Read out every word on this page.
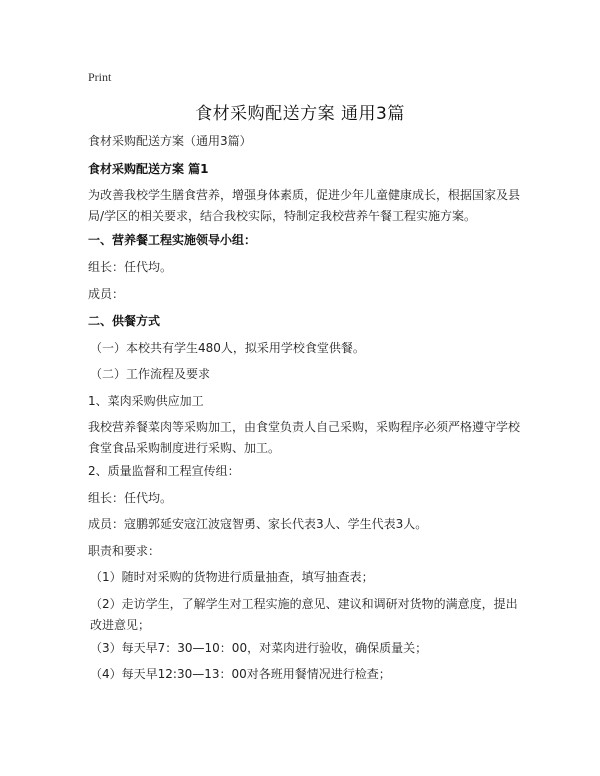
Print
食材采购配送方案 通用3篇
食材采购配送方案（通用3篇）
食材采购配送方案 篇1
为改善我校学生膳食营养，增强身体素质，促进少年儿童健康成长，根据国家及县局/学区的相关要求，结合我校实际，特制定我校营养午餐工程实施方案。
一、营养餐工程实施领导小组：
组长：任代均。
成员：
二、供餐方式
（一）本校共有学生480人，拟采用学校食堂供餐。
（二）工作流程及要求
1、菜肉采购供应加工
我校营养餐菜肉等采购加工，由食堂负责人自己采购，采购程序必须严格遵守学校食堂食品采购制度进行采购、加工。
2、质量监督和工程宣传组：
组长：任代均。
成员：寇鹏郭延安寇江波寇智勇、家长代表3人、学生代表3人。
职责和要求：
（1）随时对采购的货物进行质量抽查，填写抽查表；
（2）走访学生，了解学生对工程实施的意见、建议和调研对货物的满意度，提出改进意见；
（3）每天早7：30—10：00，对菜肉进行验收，确保质量关；
（4）每天早12:30—13：00对各班用餐情况进行检查；
